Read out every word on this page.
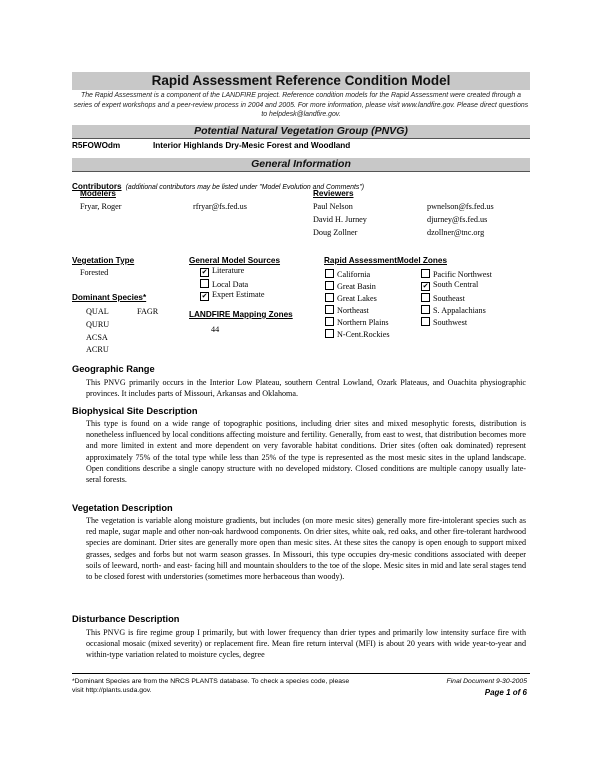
Rapid Assessment Reference Condition Model
The Rapid Assessment is a component of the LANDFIRE project. Reference condition models for the Rapid Assessment were created through a series of expert workshops and a peer-review process in 2004 and 2005. For more information, please visit www.landfire.gov. Please direct questions to helpdesk@landfire.gov.
Potential Natural Vegetation Group (PNVG)
R5FOWOdm	Interior Highlands Dry-Mesic Forest and Woodland
General Information
Contributors (additional contributors may be listed under "Model Evolution and Comments")
Modelers	Reviewers
Fryar, Roger	rfryar@fs.fed.us	Paul Nelson	pwnelson@fs.fed.us
David H. Jurney	djurney@fs.fed.us
Doug Zollner	dzollner@tnc.org
Vegetation Type
Forested
Dominant Species*
QUAL
QURU
ACSA
ACRU
FAGR
General Model Sources
✔ Literature
Local Data
✔ Expert Estimate
LANDFIRE Mapping Zones
44
Rapid AssessmentModel Zones
California
Great Basin
Great Lakes
Northeast
Northern Plains
N-Cent.Rockies
Pacific Northwest
✔ South Central
Southeast
S. Appalachians
Southwest
Geographic Range
This PNVG primarily occurs in the Interior Low Plateau, southern Central Lowland, Ozark Plateaus, and Ouachita physiographic provinces. It includes parts of Missouri, Arkansas and Oklahoma.
Biophysical Site Description
This type is found on a wide range of topographic positions, including drier sites and mixed mesophytic forests, distribution is nonetheless influenced by local conditions affecting moisture and fertility. Generally, from east to west, that distribution becomes more and more limited in extent and more dependent on very favorable habitat conditions. Drier sites (often oak dominated) represent approximately 75% of the total type while less than 25% of the type is represented as the most mesic sites in the upland landscape. Open conditions describe a single canopy structure with no developed midstory. Closed conditions are multiple canopy usually late-seral forests.
Vegetation Description
The vegetation is variable along moisture gradients, but includes (on more mesic sites) generally more fire-intolerant species such as red maple, sugar maple and other non-oak hardwood components. On drier sites, white oak, red oaks, and other fire-tolerant hardwood species are dominant. Drier sites are generally more open than mesic sites. At these sites the canopy is open enough to support mixed grasses, sedges and forbs but not warm season grasses. In Missouri, this type occupies dry-mesic conditions associated with deeper soils of leeward, north- and east- facing hill and mountain shoulders to the toe of the slope. Mesic sites in mid and late seral stages tend to be closed forest with understories (sometimes more herbaceous than woody).
Disturbance Description
This PNVG is fire regime group I primarily, but with lower frequency than drier types and primarily low intensity surface fire with occasional mosaic (mixed severity) or replacement fire. Mean fire return interval (MFI) is about 20 years with wide year-to-year and within-type variation related to moisture cycles, degree
*Dominant Species are from the NRCS PLANTS database. To check a species code, please visit http://plants.usda.gov.
Final Document 9-30-2005
Page 1 of 6
